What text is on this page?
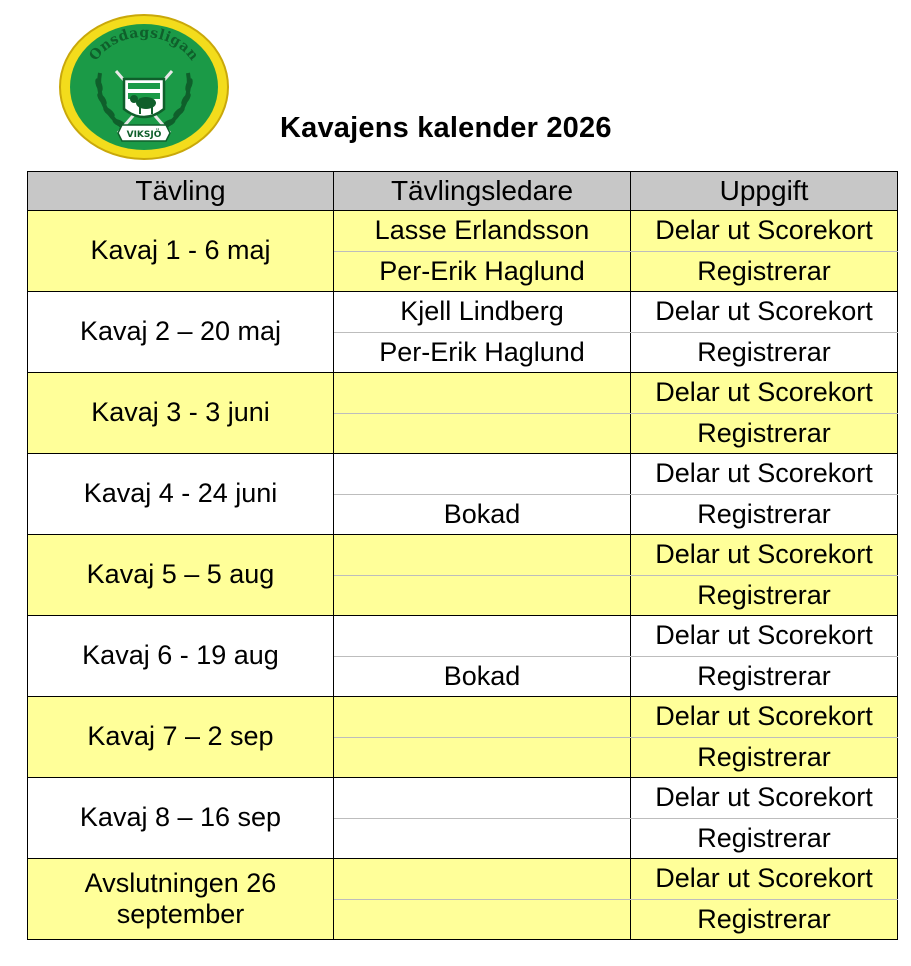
Onsdagsligan
VIKSJÖ	Kavajens kalender 2026
Tävling	Tävlingsledare	Uppgift
Kavaj 1 - 6 maj	Lasse Erlandsson	Delar ut Scorekort
	Per-Erik Haglund	Registrerar
Kavaj 2 – 20 maj	Kjell Lindberg	Delar ut Scorekort
	Per-Erik Haglund	Registrerar
Kavaj 3 - 3 juni		Delar ut Scorekort
		Registrerar
Kavaj 4 - 24 juni		Delar ut Scorekort
	Bokad	Registrerar
Kavaj 5 – 5 aug		Delar ut Scorekort
		Registrerar
Kavaj 6 - 19 aug		Delar ut Scorekort
	Bokad	Registrerar
Kavaj 7 – 2 sep		Delar ut Scorekort
		Registrerar
Kavaj 8 – 16 sep		Delar ut Scorekort
		Registrerar
Avslutningen 26 september		Delar ut Scorekort
		Registrerar
